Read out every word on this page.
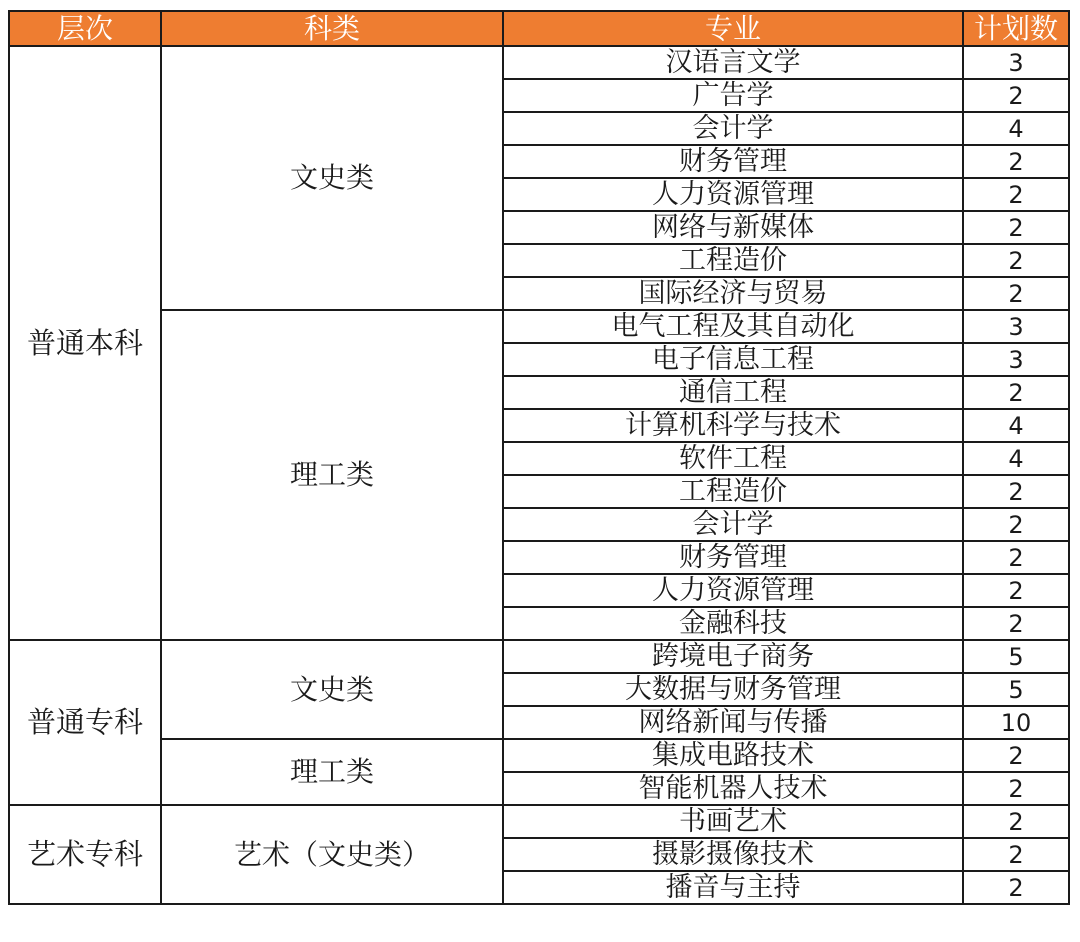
层次	科类	专业	计划数
普通本科	文史类	汉语言文学	3
		广告学	2
		会计学	4
		财务管理	2
		人力资源管理	2
		网络与新媒体	2
		工程造价	2
		国际经济与贸易	2
	理工类	电气工程及其自动化	3
		电子信息工程	3
		通信工程	2
		计算机科学与技术	4
		软件工程	4
		工程造价	2
		会计学	2
		财务管理	2
		人力资源管理	2
		金融科技	2
普通专科	文史类	跨境电子商务	5
		大数据与财务管理	5
		网络新闻与传播	10
	理工类	集成电路技术	2
		智能机器人技术	2
艺术专科	艺术（文史类）	书画艺术	2
		摄影摄像技术	2
		播音与主持	2
